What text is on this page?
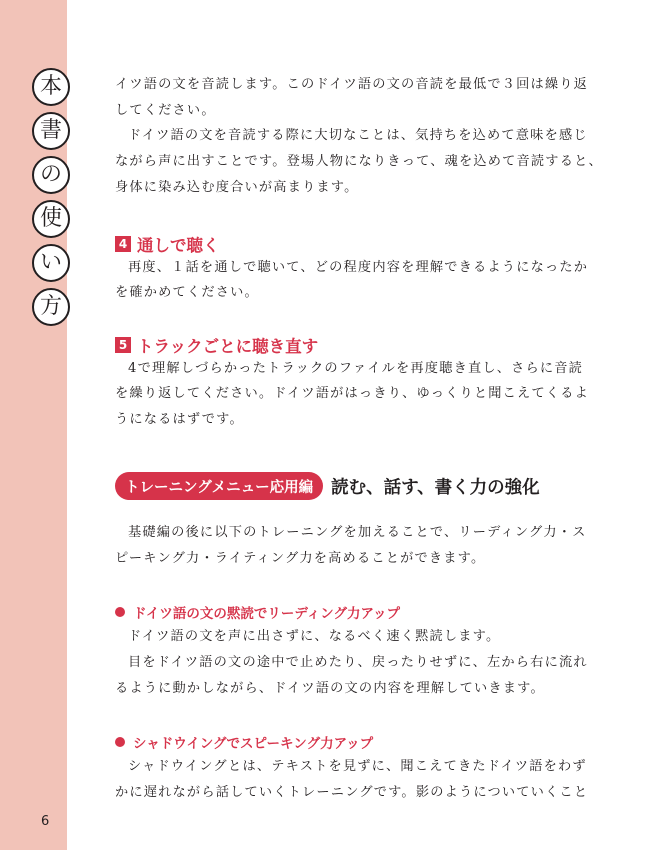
本
書
の
使
い
方
6
イツ語の文を音読します。このドイツ語の文の音読を最低で３回は繰り返
してください。
ドイツ語の文を音読する際に大切なことは、気持ちを込めて意味を感じ
ながら声に出すことです。登場人物になりきって、魂を込めて音読すると、
身体に染み込む度合いが高まります。
4 通しで聴く
再度、１話を通しで聴いて、どの程度内容を理解できるようになったか
を確かめてください。
5 トラックごとに聴き直す
4で理解しづらかったトラックのファイルを再度聴き直し、さらに音読
を繰り返してください。ドイツ語がはっきり、ゆっくりと聞こえてくるよ
うになるはずです。
トレーニングメニュー応用編	読む、話す、書く力の強化
基礎編の後に以下のトレーニングを加えることで、リーディング力・ス
ピーキング力・ライティング力を高めることができます。
ドイツ語の文の黙読でリーディング力アップ
ドイツ語の文を声に出さずに、なるべく速く黙読します。
目をドイツ語の文の途中で止めたり、戻ったりせずに、左から右に流れ
るように動かしながら、ドイツ語の文の内容を理解していきます。
シャドウイングでスピーキング力アップ
シャドウイングとは、テキストを見ずに、聞こえてきたドイツ語をわず
かに遅れながら話していくトレーニングです。影のようについていくこと
